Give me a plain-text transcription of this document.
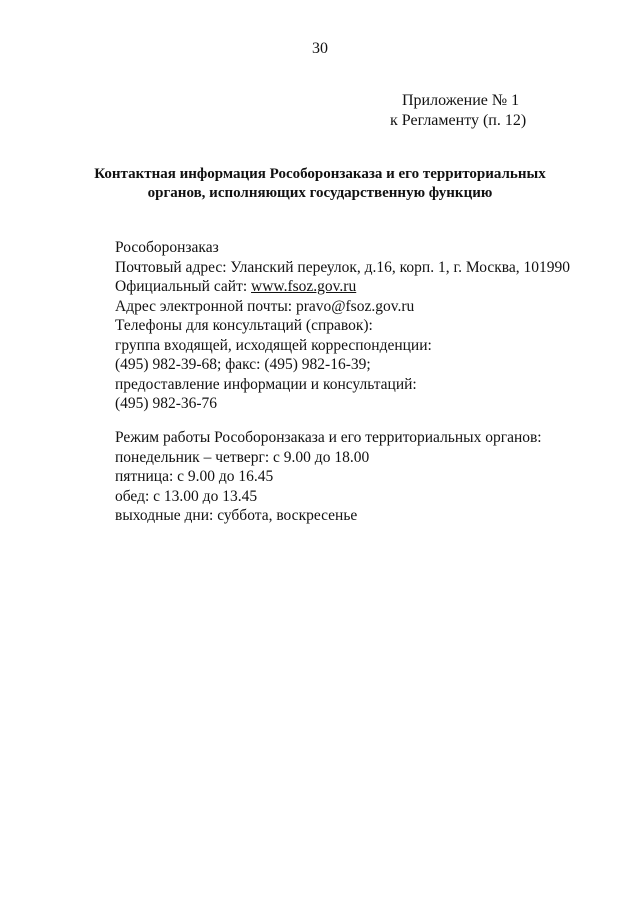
30
Приложение № 1
к Регламенту (п. 12)
Контактная информация Рособоронзаказа и его территориальных
органов, исполняющих государственную функцию
Рособоронзаказ
Почтовый адрес: Уланский переулок, д.16, корп. 1, г. Москва, 101990
Официальный сайт: www.fsoz.gov.ru
Адрес электронной почты: pravo@fsoz.gov.ru
Телефоны для консультаций (справок):
группа входящей, исходящей корреспонденции:
(495) 982-39-68; факс: (495) 982-16-39;
предоставление информации и консультаций:
(495) 982-36-76
Режим работы Рособоронзаказа и его территориальных органов:
понедельник – четверг: с 9.00 до 18.00
пятница: с 9.00 до 16.45
обед: с 13.00 до 13.45
выходные дни: суббота, воскресенье
